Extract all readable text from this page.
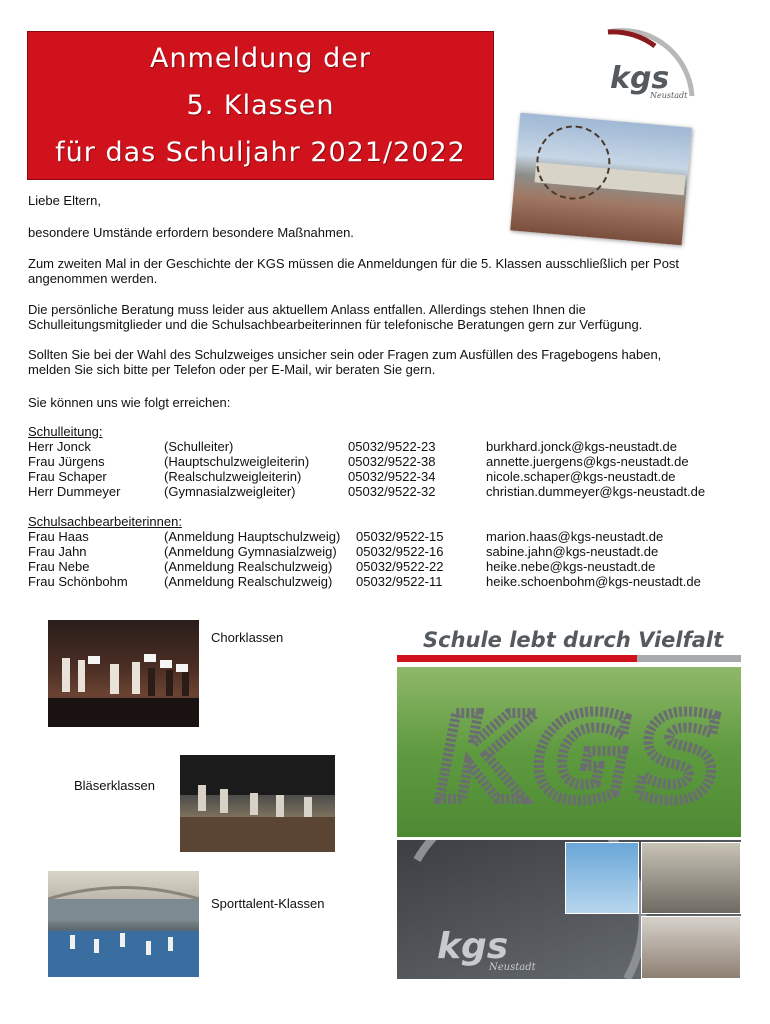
Anmeldung der
5. Klassen
für das Schuljahr 2021/2022
kgs
Neustadt
Liebe Eltern,
besondere Umstände erfordern besondere Maßnahmen.
Zum zweiten Mal in der Geschichte der KGS müssen die Anmeldungen für die 5. Klassen ausschließlich per Post
angenommen werden.
Die persönliche Beratung muss leider aus aktuellem Anlass entfallen. Allerdings stehen Ihnen die
Schulleitungsmitglieder und die Schulsachbearbeiterinnen für telefonische Beratungen gern zur Verfügung.
Sollten Sie bei der Wahl des Schulzweiges unsicher sein oder Fragen zum Ausfüllen des Fragebogens haben,
melden Sie sich bitte per Telefon oder per E-Mail, wir beraten Sie gern.
Sie können uns wie folgt erreichen:
Schulleitung:
Herr Jonck	(Schulleiter)	05032/9522-23	burkhard.jonck@kgs-neustadt.de
Frau Jürgens	(Hauptschulzweigleiterin)	05032/9522-38	annette.juergens@kgs-neustadt.de
Frau Schaper	(Realschulzweigleiterin)	05032/9522-34	nicole.schaper@kgs-neustadt.de
Herr Dummeyer	(Gymnasialzweigleiter)	05032/9522-32	christian.dummeyer@kgs-neustadt.de
Schulsachbearbeiterinnen:
Frau Haas	(Anmeldung Hauptschulzweig) 05032/9522-15	marion.haas@kgs-neustadt.de
Frau Jahn	(Anmeldung Gymnasialzweig) 05032/9522-16	sabine.jahn@kgs-neustadt.de
Frau Nebe	(Anmeldung Realschulzweig) 05032/9522-22	heike.nebe@kgs-neustadt.de
Frau Schönbohm	(Anmeldung Realschulzweig) 05032/9522-11	heike.schoenbohm@kgs-neustadt.de
Chorklassen
Bläserklassen
Sporttalent-Klassen
Schule lebt durch Vielfalt
KGS
kgs
Neustadt
